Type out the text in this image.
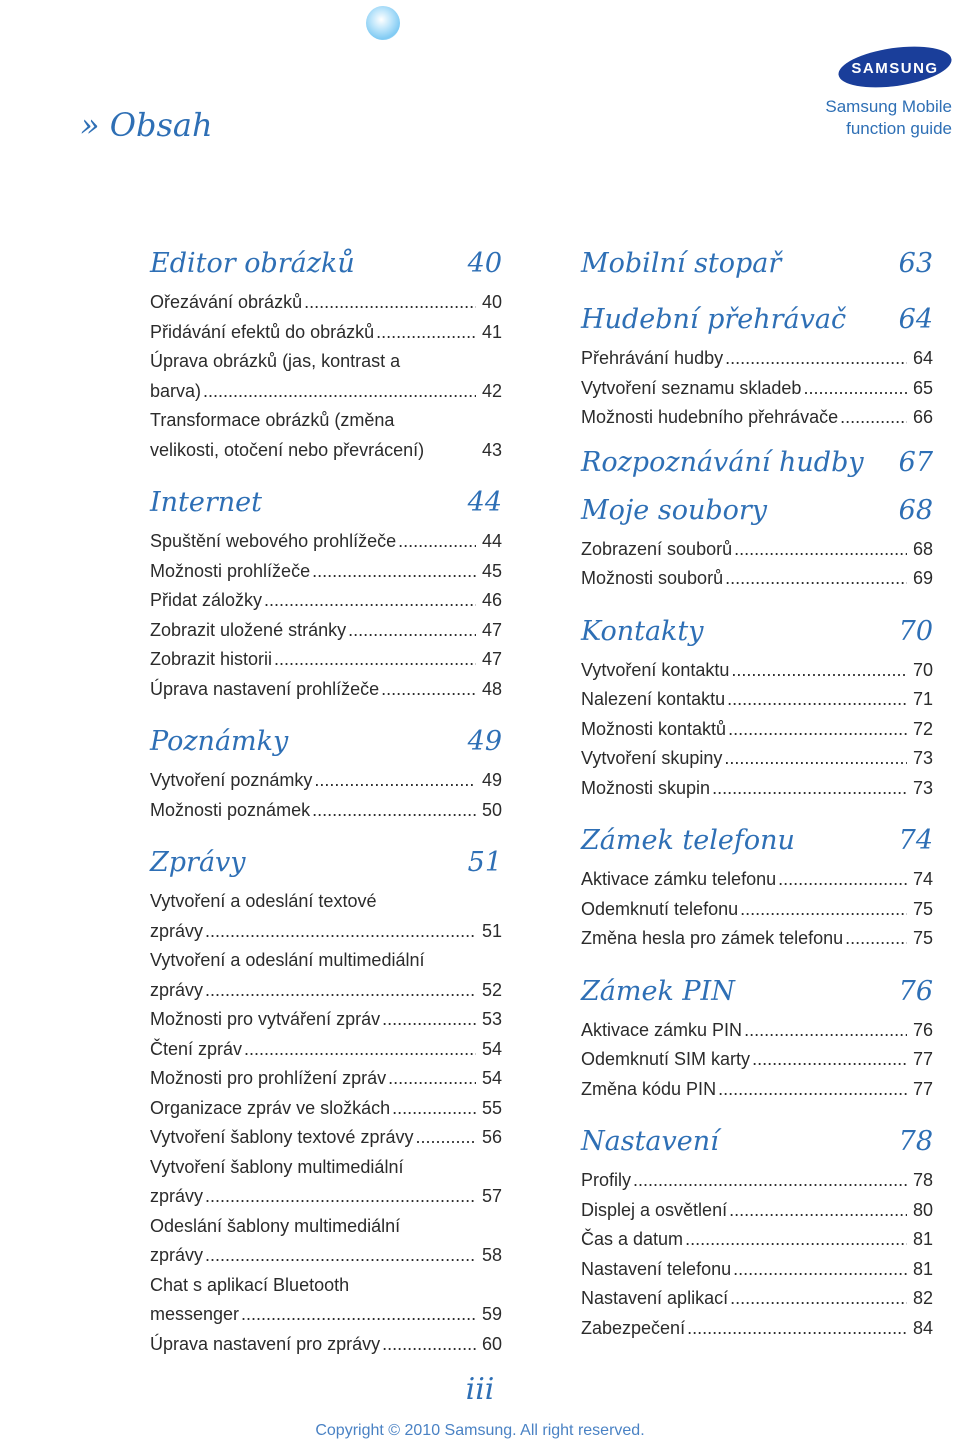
» Obsah
SAMSUNG
Samsung Mobile
function guide
Editor obrázků	40
Ořezávání obrázků .....	40
Přidávání efektů do obrázků .....	41
Úprava obrázků (jas, kontrast a
barva) .....	42
Transformace obrázků (změna
velikosti, otočení nebo převrácení)	43
Internet	44
Spuštění webového prohlížeče .....	44
Možnosti prohlížeče .....	45
Přidat záložky .....	46
Zobrazit uložené stránky .....	47
Zobrazit historii .....	47
Úprava nastavení prohlížeče .....	48
Poznámky	49
Vytvoření poznámky .....	49
Možnosti poznámek .....	50
Zprávy	51
Vytvoření a odeslání textové
zprávy .....	51
Vytvoření a odeslání multimediální
zprávy .....	52
Možnosti pro vytváření zpráv .....	53
Čtení zpráv .....	54
Možnosti pro prohlížení zpráv .....	54
Organizace zpráv ve složkách .....	55
Vytvoření šablony textové zprávy .....	56
Vytvoření šablony multimediální
zprávy .....	57
Odeslání šablony multimediální
zprávy .....	58
Chat s aplikací Bluetooth
messenger .....	59
Úprava nastavení pro zprávy .....	60
Mobilní stopař	63
Hudební přehrávač 64
Přehrávání hudby .....	64
Vytvoření seznamu skladeb .....	65
Možnosti hudebního přehrávače .....	66
Rozpoznávání hudby 67
Moje soubory	68
Zobrazení souborů .....	68
Možnosti souborů .....	69
Kontakty	70
Vytvoření kontaktu .....	70
Nalezení kontaktu .....	71
Možnosti kontaktů .....	72
Vytvoření skupiny .....	73
Možnosti skupin .....	73
Zámek telefonu	74
Aktivace zámku telefonu .....	74
Odemknutí telefonu .....	75
Změna hesla pro zámek telefonu .....	75
Zámek PIN	76
Aktivace zámku PIN .....	76
Odemknutí SIM karty .....	77
Změna kódu PIN .....	77
Nastavení	78
Profily .....	78
Displej a osvětlení .....	80
Čas a datum .....	81
Nastavení telefonu .....	81
Nastavení aplikací .....	82
Zabezpečení .....	84
iii
Copyright © 2010 Samsung. All right reserved.
